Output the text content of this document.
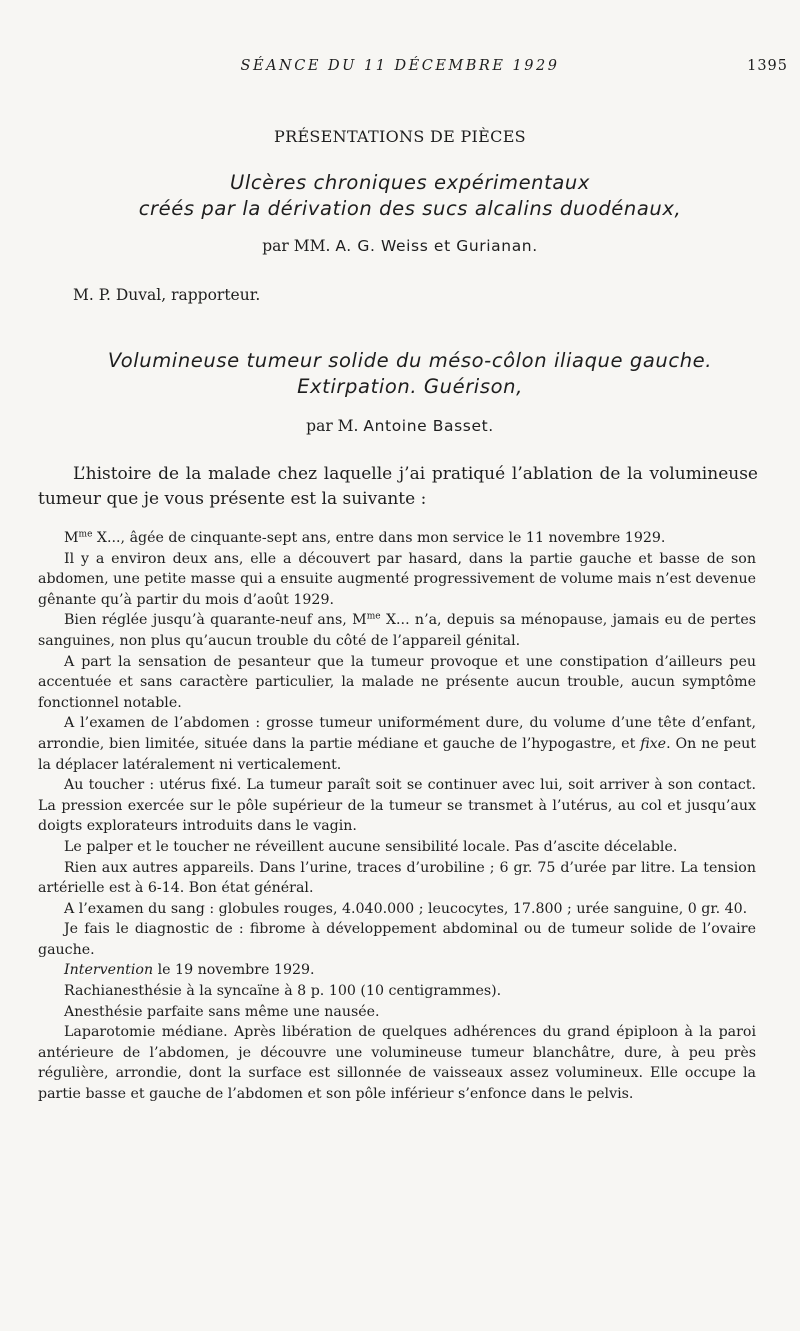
SÉANCE DU 11 DÉCEMBRE 1929	1395
PRÉSENTATIONS DE PIÈCES
Ulcères chroniques expérimentaux
créés par la dérivation des sucs alcalins duodénaux,
par MM. A. G. Weiss et Gurianan.
M. P. Duval, rapporteur.
Volumineuse tumeur solide du méso-côlon iliaque gauche.
Extirpation. Guérison,
par M. Antoine Basset.
L’histoire de la malade chez laquelle j’ai pratiqué l’ablation de la volumineuse tumeur que je vous présente est la suivante :

$M^{me}$ X..., âgée de cinquante-sept ans, entre dans mon service le 11 novembre 1929.

Il y a environ deux ans, elle a découvert par hasard, dans la partie gauche et basse de son abdomen, une petite masse qui a ensuite augmenté progressivement de volume mais n’est devenue gênante qu’à partir du mois d’août 1929.

Bien réglée jusqu’à quarante-neuf ans, $M^{me}$ X... n’a, depuis sa ménopause, jamais eu de pertes sanguines, non plus qu’aucun trouble du côté de l’appareil génital.

A part la sensation de pesanteur que la tumeur provoque et une constipation d’ailleurs peu accentuée et sans caractère particulier, la malade ne présente aucun trouble, aucun symptôme fonctionnel notable.

A l’examen de l’abdomen : grosse tumeur uniformément dure, du volume d’une tête d’enfant, arrondie, bien limitée, située dans la partie médiane et gauche de l’hypogastre, et fixe. On ne peut la déplacer latéralement ni verticalement.

Au toucher : utérus fixé. La tumeur paraît soit se continuer avec lui, soit arriver à son contact. La pression exercée sur le pôle supérieur de la tumeur se transmet à l’utérus, au col et jusqu’aux doigts explorateurs introduits dans le vagin.

Le palper et le toucher ne réveillent aucune sensibilité locale. Pas d’ascite décelable.

Rien aux autres appareils. Dans l’urine, traces d’urobiline ; 6 gr. 75 d’urée par litre. La tension artérielle est à 6-14. Bon état général.

A l’examen du sang : globules rouges, 4.040.000 ; leucocytes, 17.800 ; urée sanguine, 0 gr. 40.

Je fais le diagnostic de : fibrome à développement abdominal ou de tumeur solide de l’ovaire gauche.

Intervention le 19 novembre 1929.

Rachianesthésie à la syncaïne à 8 p. 100 (10 centigrammes).

Anesthésie parfaite sans même une nausée.

Laparotomie médiane. Après libération de quelques adhérences du grand épiploon à la paroi antérieure de l’abdomen, je découvre une volumineuse tumeur blanchâtre, dure, à peu près régulière, arrondie, dont la surface est sillonnée de vaisseaux assez volumineux. Elle occupe la partie basse et gauche de l’abdomen et son pôle inférieur s’enfonce dans le pelvis.
